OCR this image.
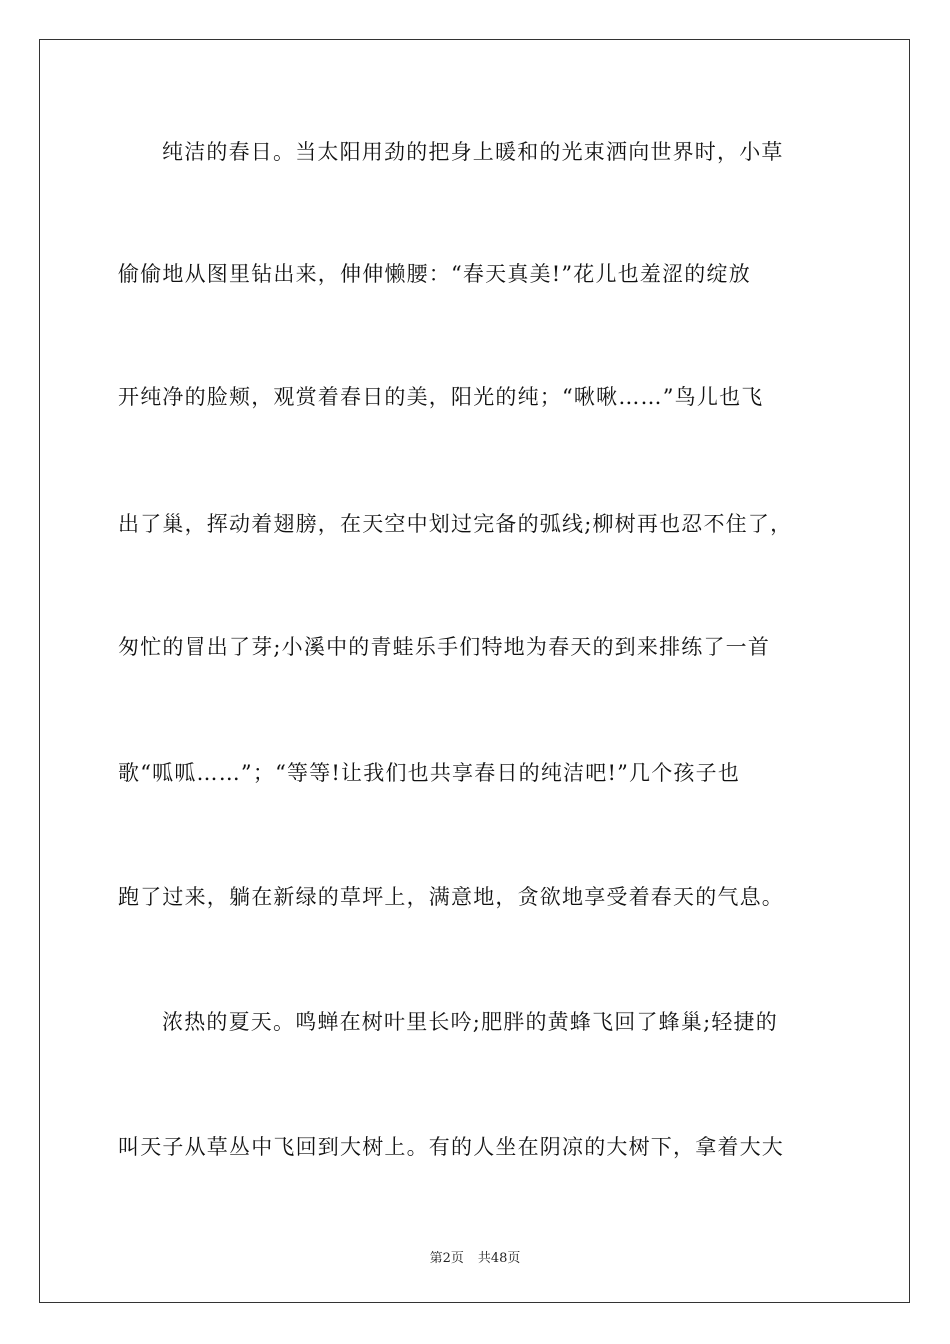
纯洁的春日。当太阳用劲的把身上暖和的光束洒向世界时，小草
偷偷地从图里钻出来，伸伸懒腰：“春天真美!”花儿也羞涩的绽放
开纯净的脸颊，观赏着春日的美，阳光的纯；“啾啾……”鸟儿也飞
出了巢，挥动着翅膀，在天空中划过完备的弧线;柳树再也忍不住了，
匆忙的冒出了芽;小溪中的青蛙乐手们特地为春天的到来排练了一首
歌“呱呱……”；“等等!让我们也共享春日的纯洁吧!”几个孩子也
跑了过来，躺在新绿的草坪上，满意地，贪欲地享受着春天的气息。
浓热的夏天。鸣蝉在树叶里长吟;肥胖的黄蜂飞回了蜂巢;轻捷的
叫天子从草丛中飞回到大树上。有的人坐在阴凉的大树下，拿着大大
第2页 共48页
